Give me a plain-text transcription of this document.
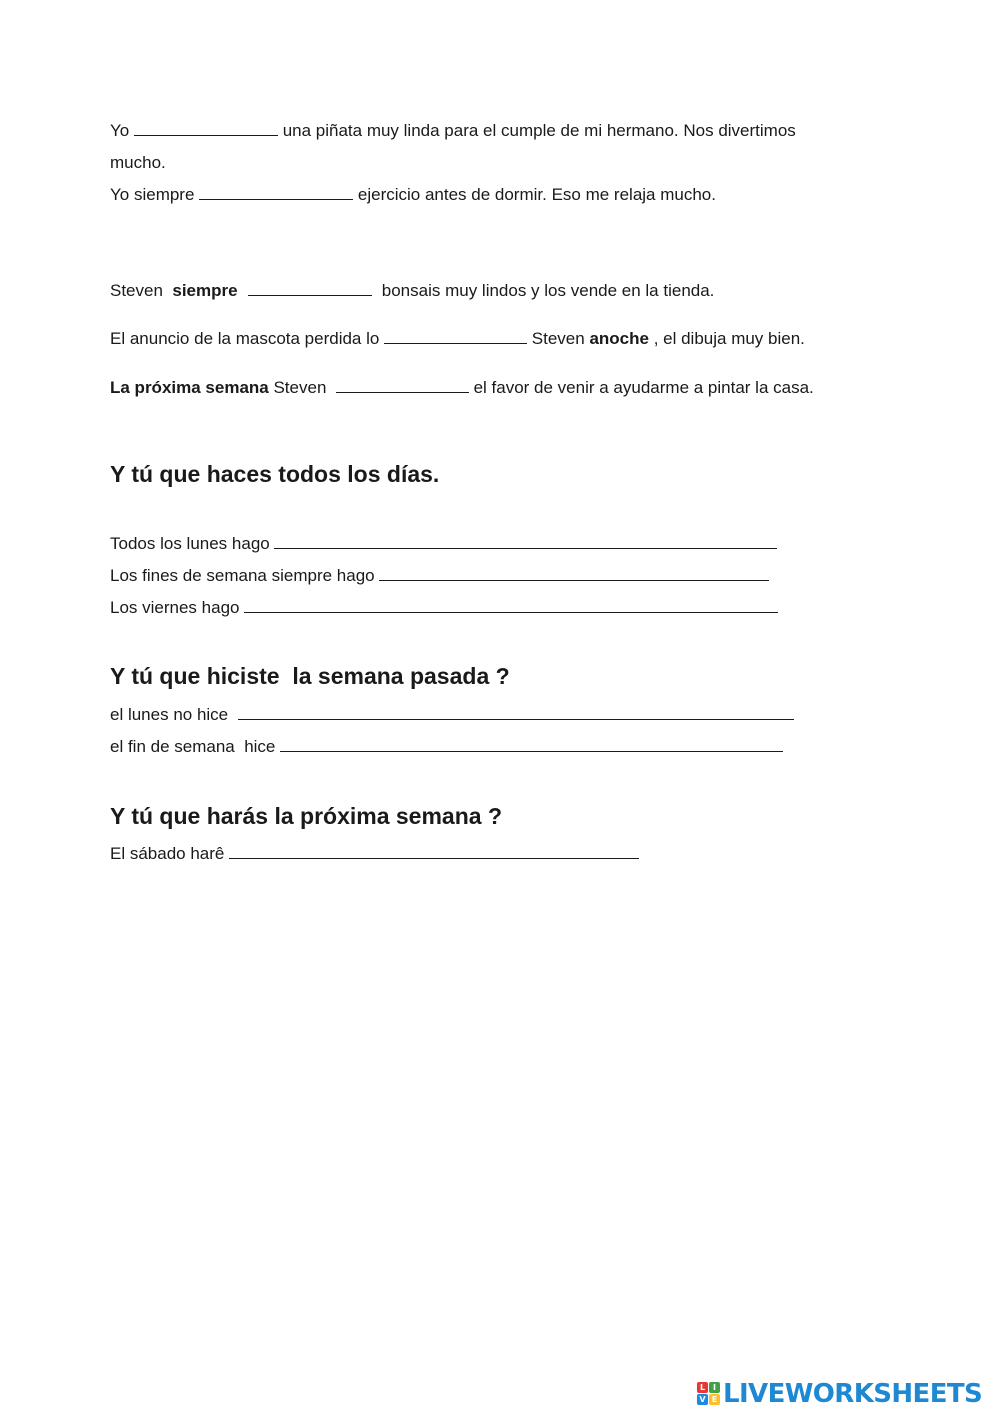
Yo	una piñata muy linda para el cumple de mi hermano. Nos divertimos

mucho.

Yo siempre	ejercicio antes de dormir. Eso me relaja mucho.

Steven  siempre	bonsais muy lindos y los vende en la tienda.

El anuncio de la mascota perdida lo	Steven anoche , el dibuja muy bien.

La próxima semana Steven	el favor de venir a ayudarme a pintar la casa.

Y tú que haces todos los días.

Todos los lunes hago

Los fines de semana siempre hago

Los viernes hago

Y tú que hiciste  la semana pasada ?

el lunes no hice

el fin de semana  hice

Y tú que harás la próxima semana ?

El sábado harê

L I
V E LIVEWORKSHEETS
